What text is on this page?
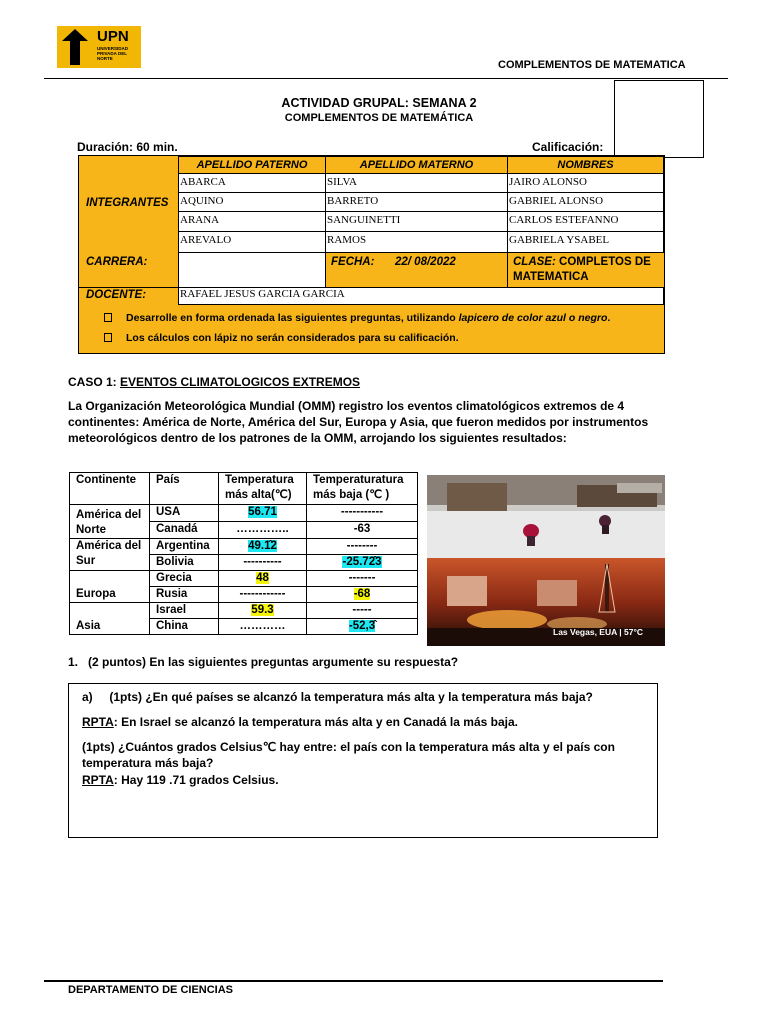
UPN
UNIVERSIDAD PRIVADA DEL NORTE
COMPLEMENTOS DE MATEMATICA
ACTIVIDAD GRUPAL: SEMANA 2
COMPLEMENTOS DE MATEMÁTICA
Duración: 60 min.	Calificación:
APELLIDO PATERNO	APELLIDO MATERNO	NOMBRES
INTEGRANTES
ABARCA	SILVA	JAIRO ALONSO
AQUINO	BARRETO	GABRIEL ALONSO
ARANA	SANGUINETTI	CARLOS ESTEFANNO
AREVALO	RAMOS	GABRIELA YSABEL
CARRERA:	FECHA: 22/ 08/2022	CLASE: COMPLETOS DE MATEMATICA
DOCENTE:	RAFAEL JESUS GARCIA GARCIA
Desarrolle en forma ordenada las siguientes preguntas, utilizando lapicero de color azul o negro.
Los cálculos con lápiz no serán considerados para su calificación.
CASO 1: EVENTOS CLIMATOLOGICOS EXTREMOS
La Organización Meteorológica Mundial (OMM) registro los eventos climatológicos extremos de 4 continentes: América de Norte, América del Sur, Europa y Asia, que fueron medidos por instrumentos meteorológicos dentro de los patrones de la OMM, arrojando los siguientes resultados:
Continente	País	Temperatura más alta(℃)	Temperaturatura más baja (℃ )
América del Norte	USA	56.71	-----------
	Canadá	…………..	-63
América del Sur	Argentina	49.1̂2	--------
	Bolivia	----------	-25.72̂3
Europa	Grecia	48	-------
	Rusia	------------	-68
Asia	Israel	59.3	-----
	China	…………	-52,3̂	Las Vegas, EUA | 57°C
1. (2 puntos) En las siguientes preguntas argumente su respuesta?

a) (1pts) ¿En qué países se alcanzó la temperatura más alta y la temperatura más baja?

RPTA: En Israel se alcanzó la temperatura más alta y en Canadá la más baja.

(1pts) ¿Cuántos grados Celsius℃ hay entre: el país con la temperatura más alta y el país con temperatura más baja?

RPTA: Hay 119 .71 grados Celsius.

DEPARTAMENTO DE CIENCIAS
